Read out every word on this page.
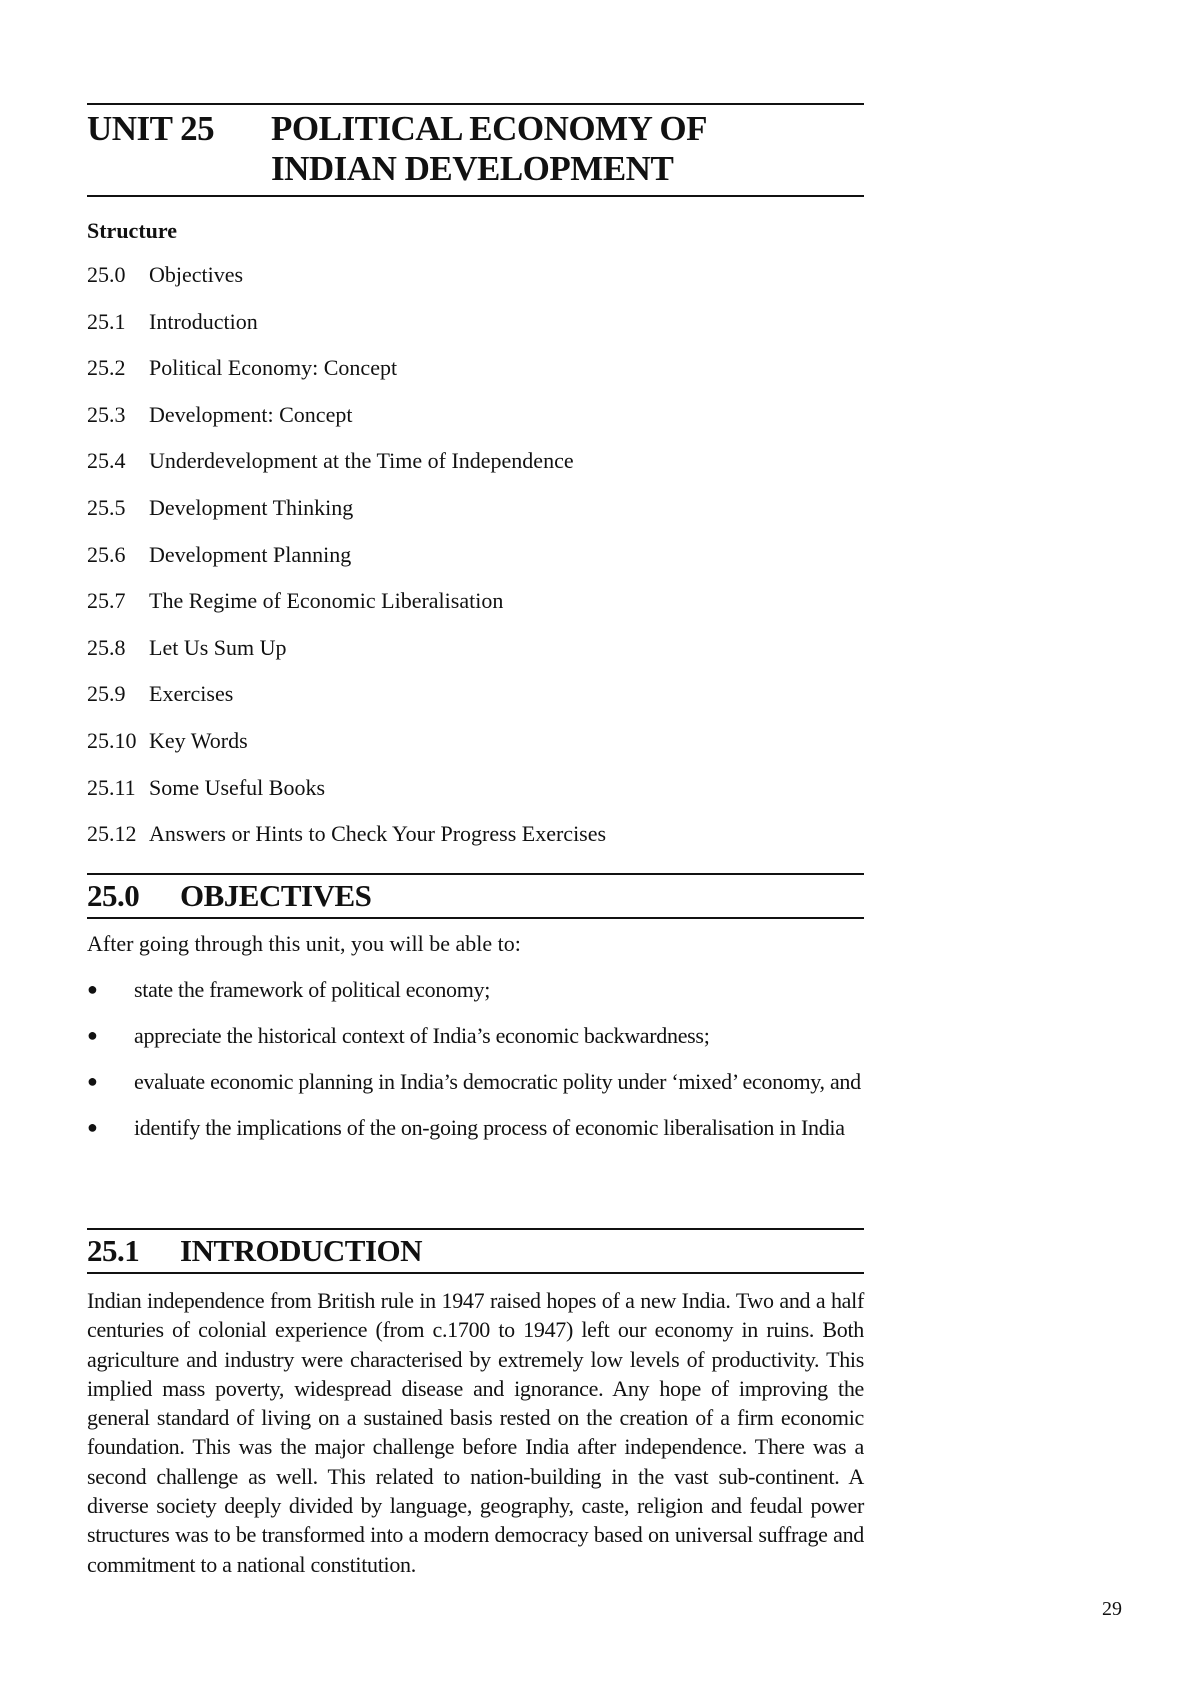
UNIT 25	POLITICAL ECONOMY OF
INDIAN DEVELOPMENT
Structure
25.0 Objectives
25.1 Introduction
25.2 Political Economy: Concept
25.3 Development: Concept
25.4 Underdevelopment at the Time of Independence
25.5 Development Thinking
25.6 Development Planning
25.7 The Regime of Economic Liberalisation
25.8 Let Us Sum Up
25.9 Exercises
25.10 Key Words
25.11 Some Useful Books
25.12 Answers or Hints to Check Your Progress Exercises
25.0	OBJECTIVES
After going through this unit, you will be able to:
●	state the framework of political economy;
●	appreciate the historical context of India’s economic backwardness;
●	evaluate economic planning in India’s democratic polity under ‘mixed’ economy, and
●	identify the implications of the on-going process of economic liberalisation in India
25.1	INTRODUCTION
Indian independence from British rule in 1947 raised hopes of a new India. Two and a half centuries of colonial experience (from c.1700 to 1947) left our economy in ruins. Both agriculture and industry were characterised by extremely low levels of productivity. This implied mass poverty, widespread disease and ignorance. Any hope of improving the general standard of living on a sustained basis rested on the creation of a firm economic foundation. This was the major challenge before India after independence. There was a second challenge as well. This related to nation-building in the vast sub-continent. A diverse society deeply divided by language, geography, caste, religion and feudal power structures was to be transformed into a modern democracy based on universal suffrage and commitment to a national constitution.
29
